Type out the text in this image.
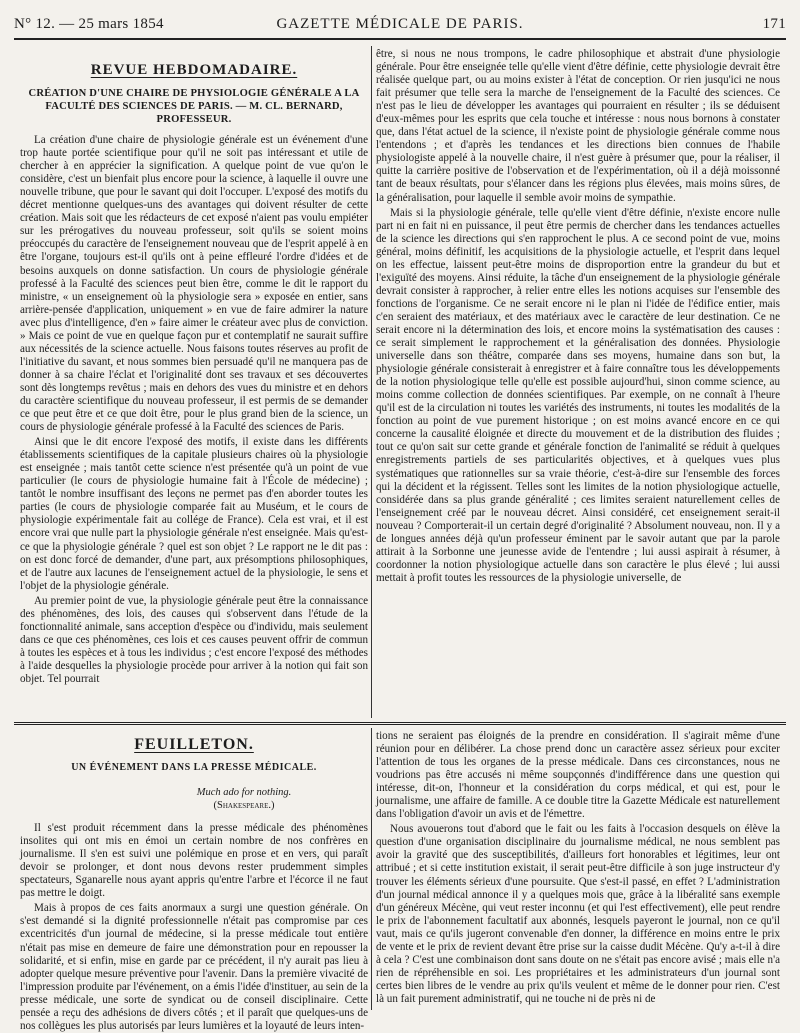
N° 12. — 25 mars 1854	GAZETTE MÉDICALE DE PARIS.	171
REVUE HEBDOMADAIRE.
CRÉATION D'UNE CHAIRE DE PHYSIOLOGIE GÉNÉRALE A LA FACULTÉ DES SCIENCES DE PARIS. — M. CL. BERNARD, PROFESSEUR.

La création d'une chaire de physiologie générale est un événement d'une trop haute portée scientifique pour qu'il ne soit pas intéressant et utile de chercher à en apprécier la signification. A quelque point de vue qu'on le considère, c'est un bienfait plus encore pour la science, à laquelle il ouvre une nouvelle tribune, que pour le savant qui doit l'occuper. L'exposé des motifs du décret mentionne quelques-uns des avantages qui doivent résulter de cette création. Mais soit que les rédacteurs de cet exposé n'aient pas voulu empiéter sur les prérogatives du nouveau professeur, soit qu'ils se soient moins préoccupés du caractère de l'enseignement nouveau que de l'esprit appelé à en être l'organe, toujours est-il qu'ils ont à peine effleuré l'ordre d'idées et de besoins auxquels on donne satisfaction. Un cours de physiologie générale professé à la Faculté des sciences peut bien être, comme le dit le rapport du ministre, « un enseignement où la physiologie sera » exposée en entier, sans arrière-pensée d'application, uniquement » en vue de faire admirer la nature avec plus d'intelligence, d'en » faire aimer le créateur avec plus de conviction. » Mais ce point de vue en quelque façon pur et contemplatif ne saurait suffire aux nécessités de la science actuelle. Nous faisons toutes réserves au profit de l'initiative du savant, et nous sommes bien persuadé qu'il ne manquera pas de donner à sa chaire l'éclat et l'originalité dont ses travaux et ses découvertes sont dès longtemps revêtus ; mais en dehors des vues du ministre et en dehors du caractère scientifique du nouveau professeur, il est permis de se demander ce que peut être et ce que doit être, pour le plus grand bien de la science, un cours de physiologie générale professé à la Faculté des sciences de Paris.

Ainsi que le dit encore l'exposé des motifs, il existe dans les différents établissements scientifiques de la capitale plusieurs chaires où la physiologie est enseignée ; mais tantôt cette science n'est présentée qu'à un point de vue particulier (le cours de physiologie humaine fait à l'École de médecine) ; tantôt le nombre insuffisant des leçons ne permet pas d'en aborder toutes les parties (le cours de physiologie comparée fait au Muséum, et le cours de physiologie expérimentale fait au collége de France). Cela est vrai, et il est encore vrai que nulle part la physiologie générale n'est enseignée. Mais qu'est-ce que la physiologie générale ? quel est son objet ? Le rapport ne le dit pas : on est donc forcé de demander, d'une part, aux présomptions philosophiques, et de l'autre aux lacunes de l'enseignement actuel de la physiologie, le sens et l'objet de la physiologie générale.

Au premier point de vue, la physiologie générale peut être la connaissance des phénomènes, des lois, des causes qui s'observent dans l'étude de la fonctionnalité animale, sans acception d'espèce ou d'individu, mais seulement dans ce que ces phénomènes, ces lois et ces causes peuvent offrir de commun à toutes les espèces et à tous les individus ; c'est encore l'exposé des méthodes à l'aide desquelles la physiologie procède pour arriver à la notion qui fait son objet. Tel pourrait

être, si nous ne nous trompons, le cadre philosophique et abstrait d'une physiologie générale. Pour être enseignée telle qu'elle vient d'être définie, cette physiologie devrait être réalisée quelque part, ou au moins exister à l'état de conception. Or rien jusqu'ici ne nous fait présumer que telle sera la marche de l'enseignement de la Faculté des sciences. Ce n'est pas le lieu de développer les avantages qui pourraient en résulter ; ils se déduisent d'eux-mêmes pour les esprits que cela touche et intéresse : nous nous bornons à constater que, dans l'état actuel de la science, il n'existe point de physiologie générale comme nous l'entendons ; et d'après les tendances et les directions bien connues de l'habile physiologiste appelé à la nouvelle chaire, il n'est guère à présumer que, pour la réaliser, il quitte la carrière positive de l'observation et de l'expérimentation, où il a déjà moissonné tant de beaux résultats, pour s'élancer dans les régions plus élevées, mais moins sûres, de la généralisation, pour laquelle il semble avoir moins de sympathie.

Mais si la physiologie générale, telle qu'elle vient d'être définie, n'existe encore nulle part ni en fait ni en puissance, il peut être permis de chercher dans les tendances actuelles de la science les directions qui s'en rapprochent le plus. A ce second point de vue, moins général, moins définitif, les acquisitions de la physiologie actuelle, et l'esprit dans lequel on les effectue, laissent peut-être moins de disproportion entre la grandeur du but et l'exiguïté des moyens. Ainsi réduite, la tâche d'un enseignement de la physiologie générale devrait consister à rapprocher, à relier entre elles les notions acquises sur l'ensemble des fonctions de l'organisme. Ce ne serait encore ni le plan ni l'idée de l'édifice entier, mais c'en seraient des matériaux, et des matériaux avec le caractère de leur destination. Ce ne serait encore ni la détermination des lois, et encore moins la systématisation des causes : ce serait simplement le rapprochement et la généralisation des données. Physiologie universelle dans son théâtre, comparée dans ses moyens, humaine dans son but, la physiologie générale consisterait à enregistrer et à faire connaître tous les développements de la notion physiologique telle qu'elle est possible aujourd'hui, sinon comme science, au moins comme collection de données scientifiques. Par exemple, on ne connaît à l'heure qu'il est de la circulation ni toutes les variétés des instruments, ni toutes les modalités de la fonction au point de vue purement historique ; on est moins avancé encore en ce qui concerne la causalité éloignée et directe du mouvement et de la distribution des fluides ; tout ce qu'on sait sur cette grande et générale fonction de l'animalité se réduit à quelques enregistrements partiels de ses particularités objectives, et à quelques vues plus systématiques que rationnelles sur sa vraie théorie, c'est-à-dire sur l'ensemble des forces qui la décident et la régissent. Telles sont les limites de la notion physiologique actuelle, considérée dans sa plus grande généralité ; ces limites seraient naturellement celles de l'enseignement créé par le nouveau décret. Ainsi considéré, cet enseignement serait-il nouveau ? Comporterait-il un certain degré d'originalité ? Absolument nouveau, non. Il y a de longues années déjà qu'un professeur éminent par le savoir autant que par la parole attirait à la Sorbonne une jeunesse avide de l'entendre ; lui aussi aspirait à résumer, à coordonner la notion physiologique actuelle dans son caractère le plus élevé ; lui aussi mettait à profit toutes les ressources de la physiologie universelle, de

FEUILLETON.
UN ÉVÉNEMENT DANS LA PRESSE MÉDICALE.
Much ado for nothing.
(Shakespeare.)

Il s'est produit récemment dans la presse médicale des phénomènes insolites qui ont mis en émoi un certain nombre de nos confrères en journalisme. Il s'en est suivi une polémique en prose et en vers, qui paraît devoir se prolonger, et dont nous devons rester prudemment simples spectateurs, Sganarelle nous ayant appris qu'entre l'arbre et l'écorce il ne faut pas mettre le doigt.

Mais à propos de ces faits anormaux a surgi une question générale. On s'est demandé si la dignité professionnelle n'était pas compromise par ces excentricités d'un journal de médecine, si la presse médicale tout entière n'était pas mise en demeure de faire une démonstration pour en repousser la solidarité, et si enfin, mise en garde par ce précédent, il n'y aurait pas lieu à adopter quelque mesure préventive pour l'avenir. Dans la première vivacité de l'impression produite par l'événement, on a émis l'idée d'instituer, au sein de la presse médicale, une sorte de syndicat ou de conseil disciplinaire. Cette pensée a reçu des adhésions de divers côtés ; et il paraît que quelques-uns de nos collègues les plus autorisés par leurs lumières et la loyauté de leurs inten-

tions ne seraient pas éloignés de la prendre en considération. Il s'agirait même d'une réunion pour en délibérer. La chose prend donc un caractère assez sérieux pour exciter l'attention de tous les organes de la presse médicale. Dans ces circonstances, nous ne voudrions pas être accusés ni même soupçonnés d'indifférence dans une question qui intéresse, dit-on, l'honneur et la considération du corps médical, et qui est, pour le journalisme, une affaire de famille. A ce double titre la Gazette Médicale est naturellement dans l'obligation d'avoir un avis et de l'émettre.

Nous avouerons tout d'abord que le fait ou les faits à l'occasion desquels on élève la question d'une organisation disciplinaire du journalisme médical, ne nous semblent pas avoir la gravité que des susceptibilités, d'ailleurs fort honorables et légitimes, leur ont attribué ; et si cette institution existait, il serait peut-être difficile à son juge instructeur d'y trouver les éléments sérieux d'une poursuite. Que s'est-il passé, en effet ? L'administration d'un journal médical annonce il y a quelques mois que, grâce à la libéralité sans exemple d'un généreux Mécène, qui veut rester inconnu (et qui l'est effectivement), elle peut rendre le prix de l'abonnement facultatif aux abonnés, lesquels payeront le journal, non ce qu'il vaut, mais ce qu'ils jugeront convenable d'en donner, la différence en moins entre le prix de vente et le prix de revient devant être prise sur la caisse dudit Mécène. Qu'y a-t-il à dire à cela ? C'est une combinaison dont sans doute on ne s'était pas encore avisé ; mais elle n'a rien de répréhensible en soi. Les propriétaires et les administrateurs d'un journal sont certes bien libres de le vendre au prix qu'ils veulent et même de le donner pour rien. C'est là un fait purement administratif, qui ne touche ni de près ni de
